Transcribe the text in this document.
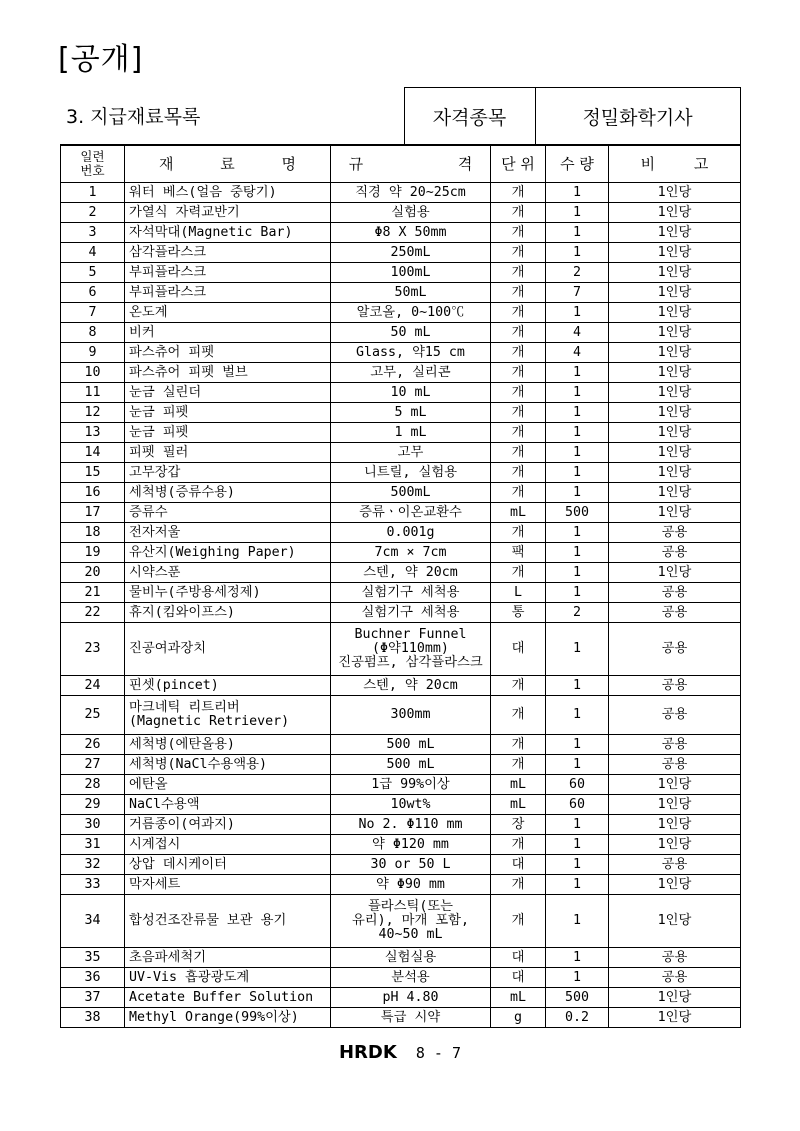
[공개]
3. 지급재료목록	자격종목	정밀화학기사
일련번호	재 료 명	규 격	단 위	수 량	비 고
1	워터 베스(얼음 중탕기)	직경 약 20~25cm	개	1	1인당
2	가열식 자력교반기	실험용	개	1	1인당
3	자석막대(Magnetic Bar)	Φ8 X 50mm	개	1	1인당
4	삼각플라스크	250mL	개	1	1인당
5	부피플라스크	100mL	개	2	1인당
6	부피플라스크	50mL	개	7	1인당
7	온도계	알코올, 0~100℃	개	1	1인당
8	비커	50 mL	개	4	1인당
9	파스츄어 피펫	Glass, 약15 cm	개	4	1인당
10	파스츄어 피펫 벌브	고무, 실리콘	개	1	1인당
11	눈금 실린더	10 mL	개	1	1인당
12	눈금 피펫	5 mL	개	1	1인당
13	눈금 피펫	1 mL	개	1	1인당
14	피펫 필러	고무	개	1	1인당
15	고무장갑	니트릴, 실험용	개	1	1인당
16	세척병(증류수용)	500mL	개	1	1인당
17	증류수	증류ㆍ이온교환수	mL	500	1인당
18	전자저울	0.001g	개	1	공용
19	유산지(Weighing Paper)	7cm × 7cm	팩	1	공용
20	시약스푼	스텐, 약 20cm	개	1	1인당
21	물비누(주방용세정제)	실험기구 세척용	L	1	공용
22	휴지(킴와이프스)	실험기구 세척용	통	2	공용
23	진공여과장치	Buchner Funnel
(Φ약110mm)
진공펌프, 삼각플라스크	대	1	공용
24	핀셋(pincet)	스텐, 약 20cm	개	1	공용
25	마크네틱 리트리버
(Magnetic Retriever)	300mm	개	1	공용
26	세척병(에탄올용)	500 mL	개	1	공용
27	세척병(NaCl수용액용)	500 mL	개	1	공용
28	에탄올	1급 99%이상	mL	60	1인당
29	NaCl수용액	10wt%	mL	60	1인당
30	거름종이(여과지)	No 2. Φ110 mm	장	1	1인당
31	시계접시	약 Φ120 mm	개	1	1인당
32	상압 데시케이터	30 or 50 L	대	1	공용
33	막자세트	약 Φ90 mm	개	1	1인당
34	합성건조잔류물 보관 용기	플라스틱(또는
유리), 마개 포함,
40~50 mL	개	1	1인당
35	초음파세척기	실험실용	대	1	공용
36	UV-Vis 흡광광도계	분석용	대	1	공용
37	Acetate Buffer Solution	pH 4.80	mL	500	1인당
38	Methyl Orange(99%이상)	특급 시약	g	0.2	1인당
HRDK 8 - 7
